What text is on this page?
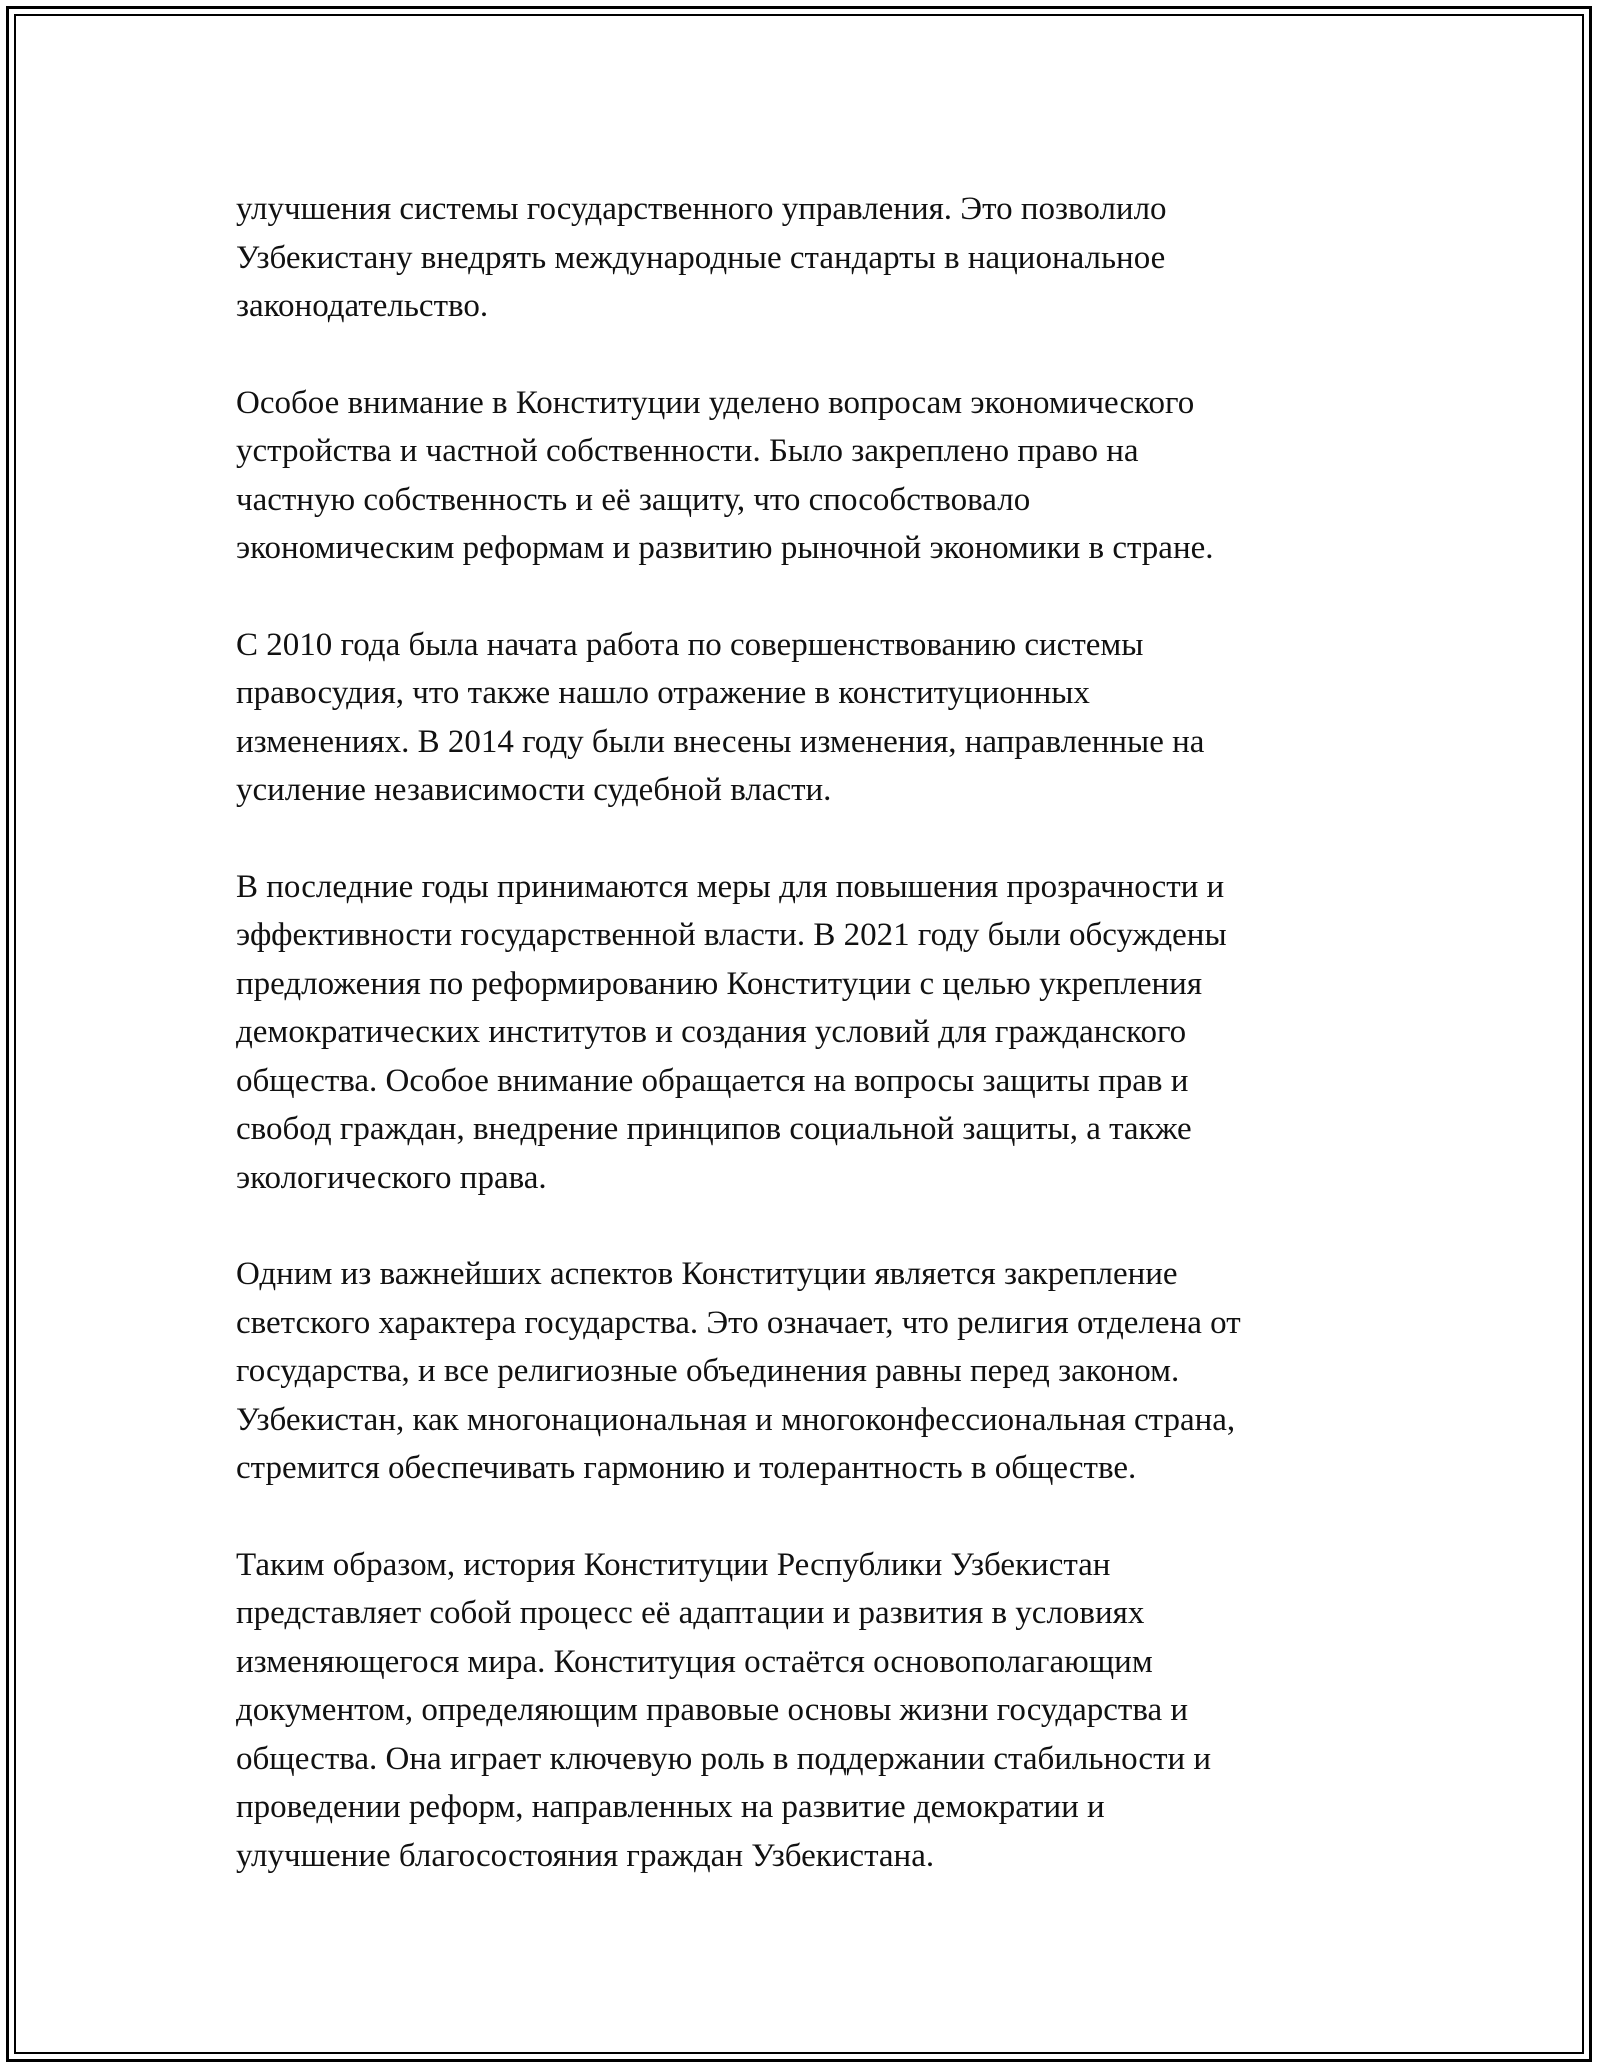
улучшения системы государственного управления. Это позволило
Узбекистану внедрять международные стандарты в национальное
законодательство.

Особое внимание в Конституции уделено вопросам экономического
устройства и частной собственности. Было закреплено право на
частную собственность и её защиту, что способствовало
экономическим реформам и развитию рыночной экономики в стране.

С 2010 года была начата работа по совершенствованию системы
правосудия, что также нашло отражение в конституционных
изменениях. В 2014 году были внесены изменения, направленные на
усиление независимости судебной власти.

В последние годы принимаются меры для повышения прозрачности и
эффективности государственной власти. В 2021 году были обсуждены
предложения по реформированию Конституции с целью укрепления
демократических институтов и создания условий для гражданского
общества. Особое внимание обращается на вопросы защиты прав и
свобод граждан, внедрение принципов социальной защиты, а также
экологического права.

Одним из важнейших аспектов Конституции является закрепление
светского характера государства. Это означает, что религия отделена от
государства, и все религиозные объединения равны перед законом.
Узбекистан, как многонациональная и многоконфессиональная страна,
стремится обеспечивать гармонию и толерантность в обществе.

Таким образом, история Конституции Республики Узбекистан
представляет собой процесс её адаптации и развития в условиях
изменяющегося мира. Конституция остаётся основополагающим
документом, определяющим правовые основы жизни государства и
общества. Она играет ключевую роль в поддержании стабильности и
проведении реформ, направленных на развитие демократии и
улучшение благосостояния граждан Узбекистана.
